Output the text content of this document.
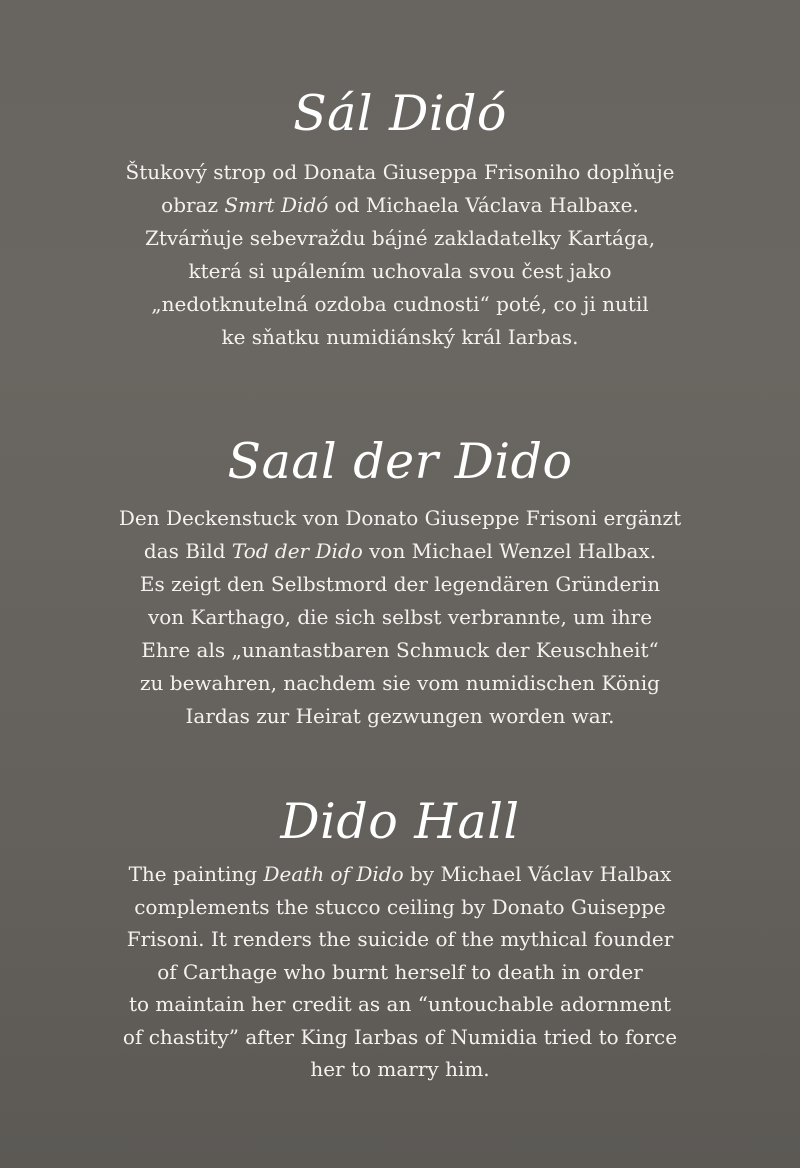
Sál Didó

Štukový strop od Donata Giuseppa Frisoniho doplňuje
obraz Smrt Didó od Michaela Václava Halbaxe.
Ztvárňuje sebevraždu bájné zakladatelky Kartága,
která si upálením uchovala svou čest jako
„nedotknutelná ozdoba cudnosti“ poté, co ji nutil
ke sňatku numidiánský král Iarbas.

Saal der Dido

Den Deckenstuck von Donato Giuseppe Frisoni ergänzt
das Bild Tod der Dido von Michael Wenzel Halbax.
Es zeigt den Selbstmord der legendären Gründerin
von Karthago, die sich selbst verbrannte, um ihre
Ehre als „unantastbaren Schmuck der Keuschheit“
zu bewahren, nachdem sie vom numidischen König
Iardas zur Heirat gezwungen worden war.

Dido Hall

The painting Death of Dido by Michael Václav Halbax
complements the stucco ceiling by Donato Guiseppe
Frisoni. It renders the suicide of the mythical founder
of Carthage who burnt herself to death in order
to maintain her credit as an “untouchable adornment
of chastity” after King Iarbas of Numidia tried to force
her to marry him.
